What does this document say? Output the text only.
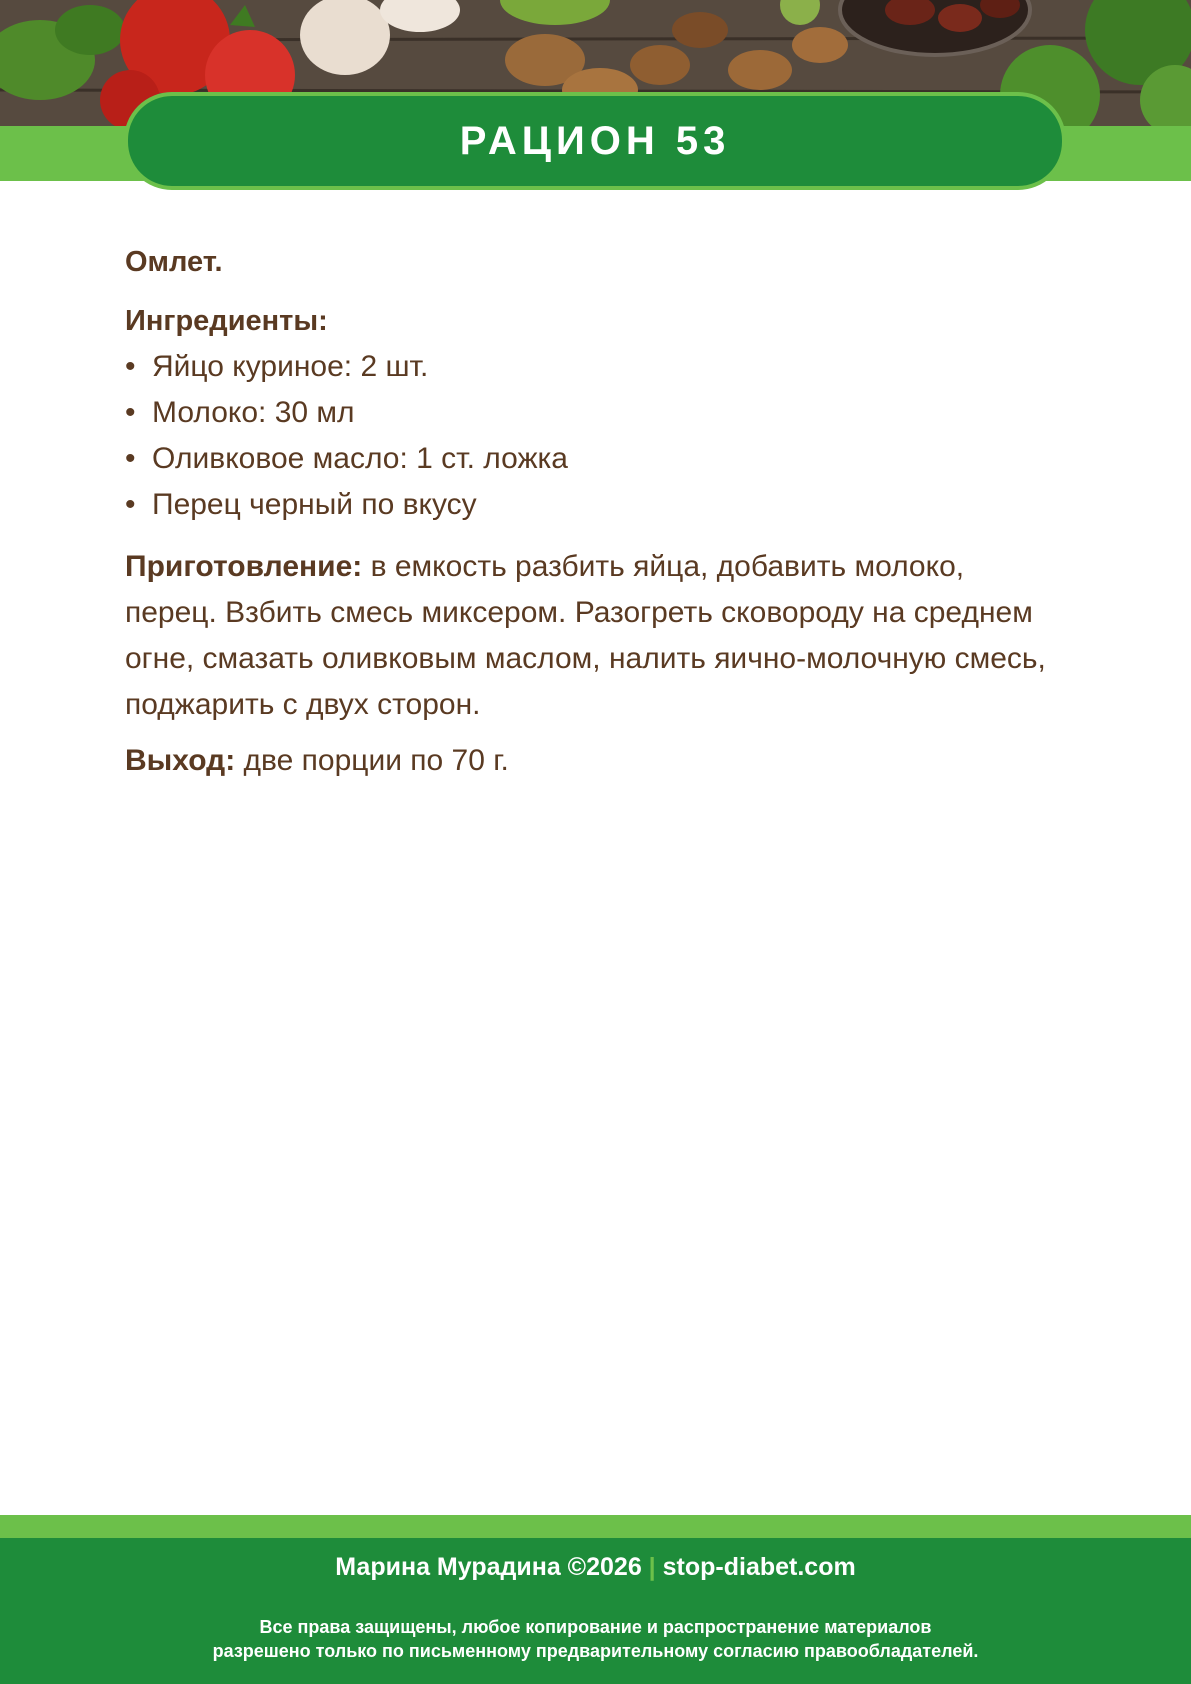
РАЦИОН 53
Омлет.
Ингредиенты:
• Яйцо куриное: 2 шт.
• Молоко: 30 мл
• Оливковое масло: 1 ст. ложка
• Перец черный по вкусу

Приготовление: в емкость разбить яйца, добавить молоко, перец. Взбить смесь миксером. Разогреть сковороду на среднем огне, смазать оливковым маслом, налить яично-молочную смесь, поджарить с двух сторон.

Выход: две порции по 70 г.

Марина Мурадина ©2026 | stop-diabet.com
Все права защищены, любое копирование и распространение материалов
разрешено только по письменному предварительному согласию правообладателей.
